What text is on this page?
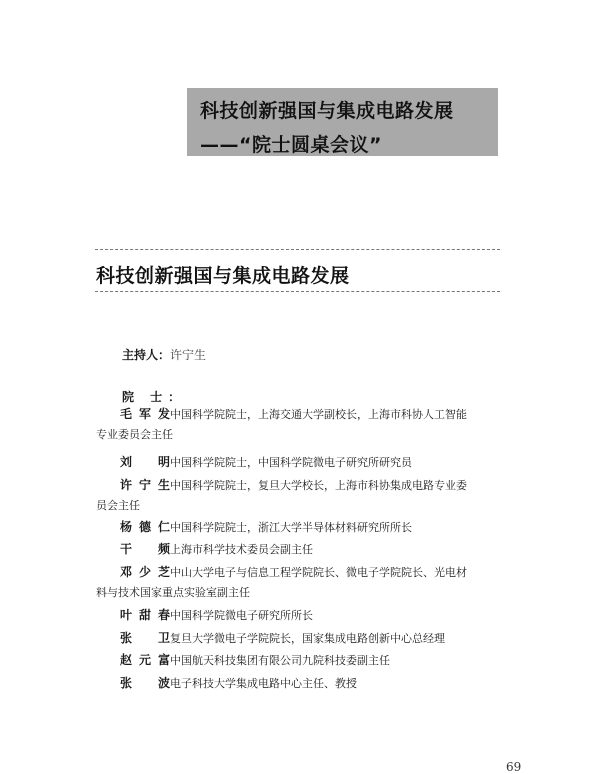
科技创新强国与集成电路发展
——“院士圆桌会议”
科技创新强国与集成电路发展
主持人：许宁生
院 士：
毛军发中国科学院院士，上海交通大学副校长，上海市科协人工智能
专业委员会主任
刘 明中国科学院院士，中国科学院微电子研究所研究员
许宁生中国科学院院士，复旦大学校长，上海市科协集成电路专业委
员会主任
杨德仁中国科学院院士，浙江大学半导体材料研究所所长
干 频上海市科学技术委员会副主任
邓少芝中山大学电子与信息工程学院院长、微电子学院院长、光电材
料与技术国家重点实验室副主任
叶甜春中国科学院微电子研究所所长
张 卫复旦大学微电子学院院长，国家集成电路创新中心总经理
赵元富中国航天科技集团有限公司九院科技委副主任
张 波电子科技大学集成电路中心主任、教授
69
